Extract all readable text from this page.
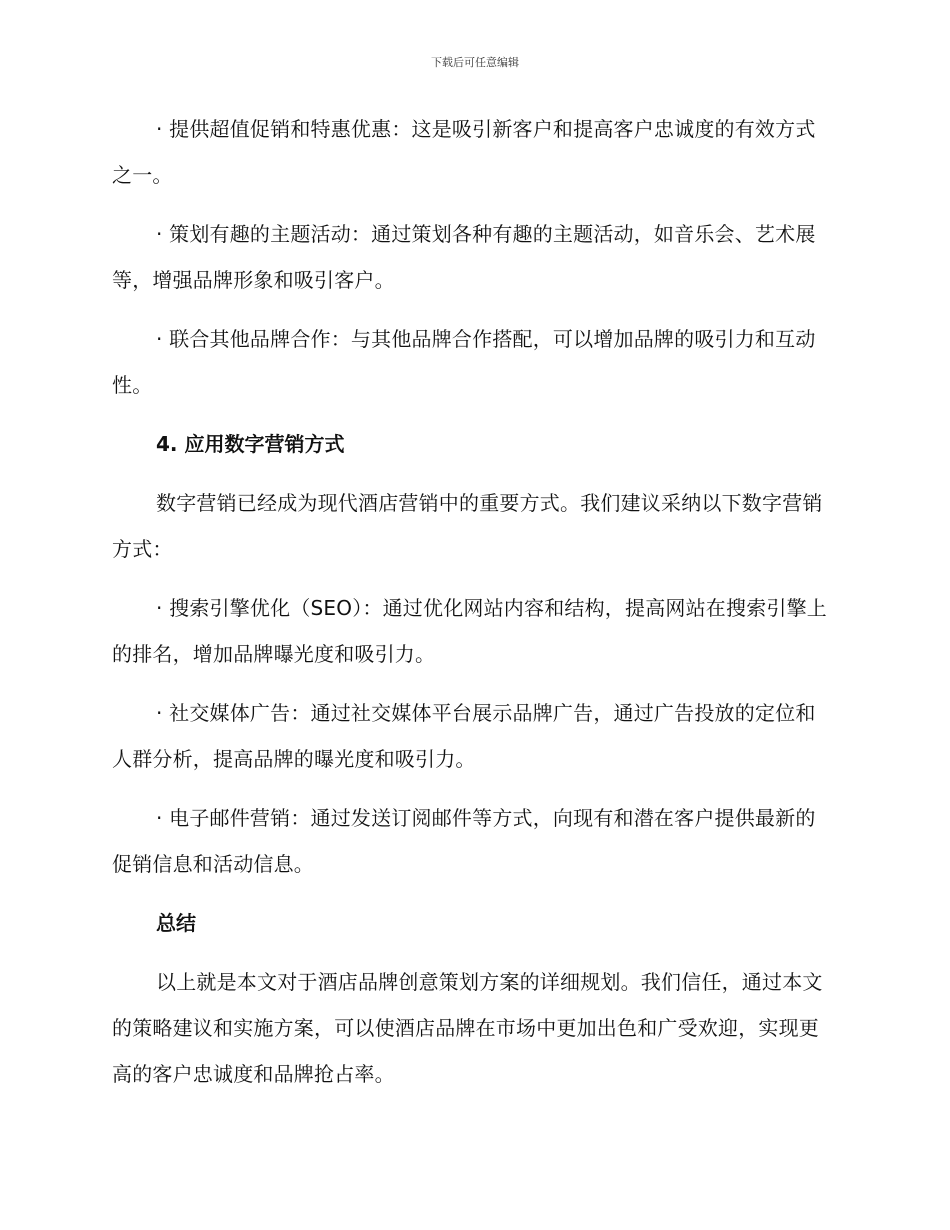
下载后可任意编辑

· 提供超值促销和特惠优惠：这是吸引新客户和提高客户忠诚度的有效方式之一。

· 策划有趣的主题活动：通过策划各种有趣的主题活动，如音乐会、艺术展等，增强品牌形象和吸引客户。

· 联合其他品牌合作：与其他品牌合作搭配，可以增加品牌的吸引力和互动性。

4. 应用数字营销方式

数字营销已经成为现代酒店营销中的重要方式。我们建议采纳以下数字营销方式：

· 搜索引擎优化（SEO）：通过优化网站内容和结构，提高网站在搜索引擎上的排名，增加品牌曝光度和吸引力。

· 社交媒体广告：通过社交媒体平台展示品牌广告，通过广告投放的定位和人群分析，提高品牌的曝光度和吸引力。

· 电子邮件营销：通过发送订阅邮件等方式，向现有和潜在客户提供最新的促销信息和活动信息。

总结

以上就是本文对于酒店品牌创意策划方案的详细规划。我们信任，通过本文的策略建议和实施方案，可以使酒店品牌在市场中更加出色和广受欢迎，实现更高的客户忠诚度和品牌抢占率。
